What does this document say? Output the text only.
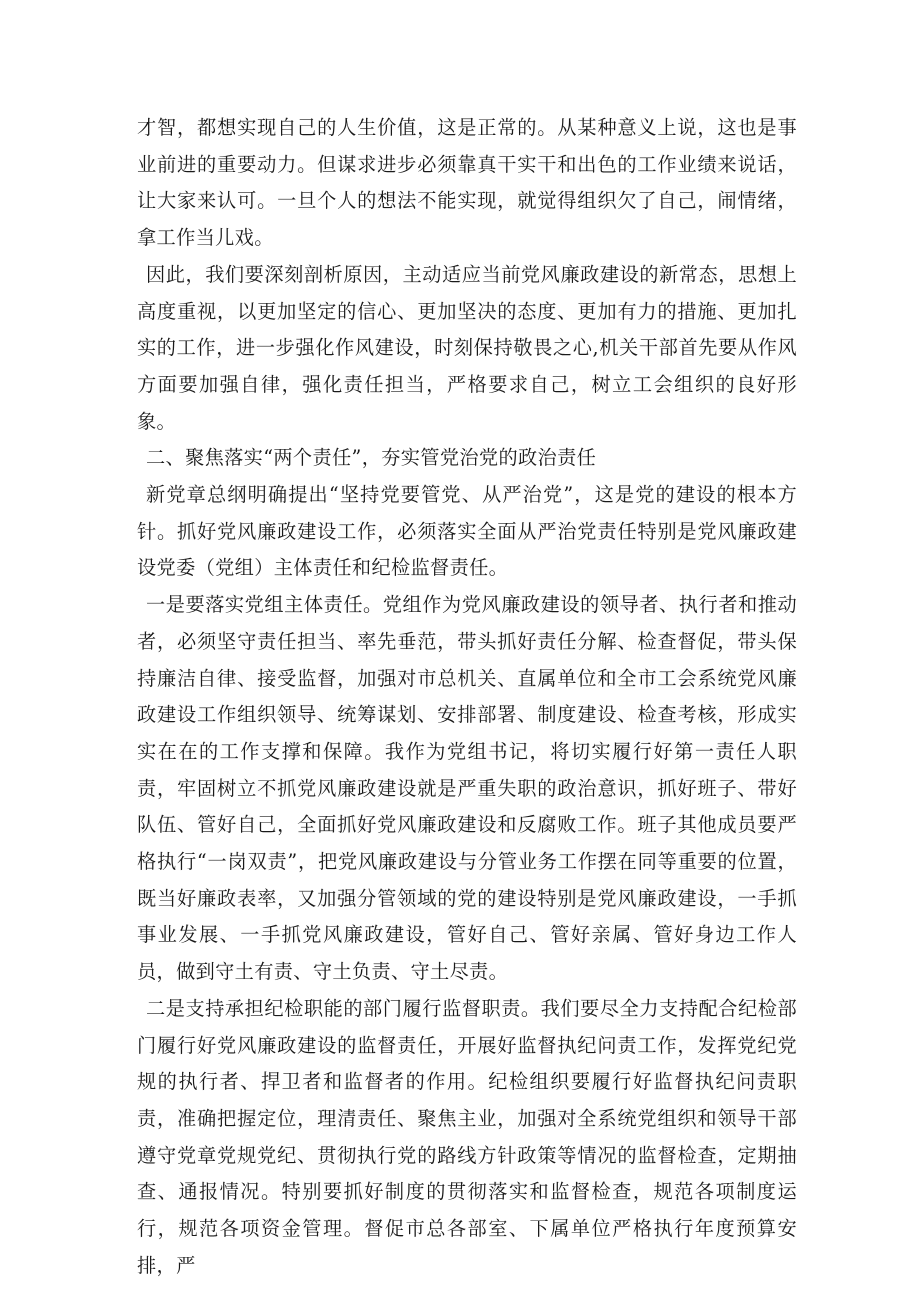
才智，都想实现自己的人生价值，这是正常的。从某种意义上说，这也是事业前进的重要动力。但谋求进步必须靠真干实干和出色的工作业绩来说话，让大家来认可。一旦个人的想法不能实现，就觉得组织欠了自己，闹情绪，拿工作当儿戏。

因此，我们要深刻剖析原因，主动适应当前党风廉政建设的新常态，思想上高度重视，以更加坚定的信心、更加坚决的态度、更加有力的措施、更加扎实的工作，进一步强化作风建设，时刻保持敬畏之心,机关干部首先要从作风方面要加强自律，强化责任担当，严格要求自己，树立工会组织的良好形象。

二、聚焦落实“两个责任”，夯实管党治党的政治责任

新党章总纲明确提出“坚持党要管党、从严治党”，这是党的建设的根本方针。抓好党风廉政建设工作，必须落实全面从严治党责任特别是党风廉政建设党委（党组）主体责任和纪检监督责任。

一是要落实党组主体责任。党组作为党风廉政建设的领导者、执行者和推动者，必须坚守责任担当、率先垂范，带头抓好责任分解、检查督促，带头保持廉洁自律、接受监督，加强对市总机关、直属单位和全市工会系统党风廉政建设工作组织领导、统筹谋划、安排部署、制度建设、检查考核，形成实实在在的工作支撑和保障。我作为党组书记，将切实履行好第一责任人职责，牢固树立不抓党风廉政建设就是严重失职的政治意识，抓好班子、带好队伍、管好自己，全面抓好党风廉政建设和反腐败工作。班子其他成员要严格执行“一岗双责”，把党风廉政建设与分管业务工作摆在同等重要的位置，既当好廉政表率，又加强分管领域的党的建设特别是党风廉政建设，一手抓事业发展、一手抓党风廉政建设，管好自己、管好亲属、管好身边工作人员，做到守土有责、守土负责、守土尽责。

二是支持承担纪检职能的部门履行监督职责。我们要尽全力支持配合纪检部门履行好党风廉政建设的监督责任，开展好监督执纪问责工作，发挥党纪党规的执行者、捍卫者和监督者的作用。纪检组织要履行好监督执纪问责职责，准确把握定位，理清责任、聚焦主业，加强对全系统党组织和领导干部遵守党章党规党纪、贯彻执行党的路线方针政策等情况的监督检查，定期抽查、通报情况。特别要抓好制度的贯彻落实和监督检查，规范各项制度运行，规范各项资金管理。督促市总各部室、下属单位严格执行年度预算安排，严
